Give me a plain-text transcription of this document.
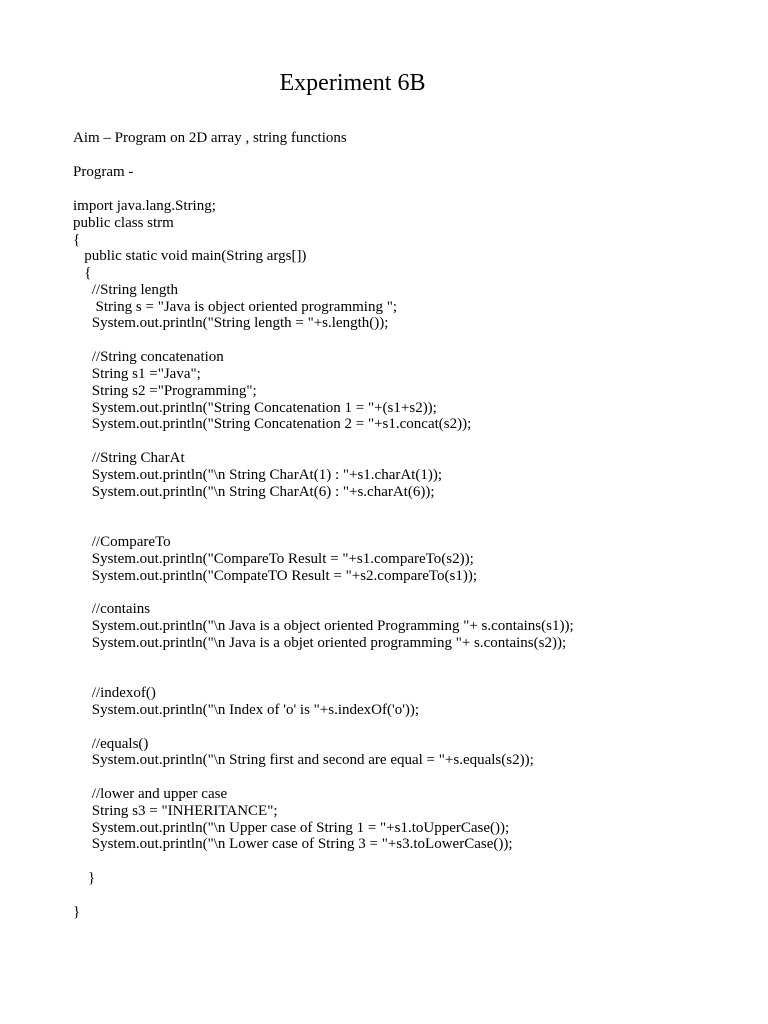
Experiment 6B
Aim – Program on 2D array , string functions
Program -
import java.lang.String;
public class strm
{
public static void main(String args[])
{
//String length
String s = "Java is object oriented programming ";
System.out.println("String length = "+s.length());
//String concatenation
String s1 ="Java";
String s2 ="Programming";
System.out.println("String Concatenation 1 = "+(s1+s2));
System.out.println("String Concatenation 2 = "+s1.concat(s2));
//String CharAt
System.out.println("\n String CharAt(1) : "+s1.charAt(1));
System.out.println("\n String CharAt(6) : "+s.charAt(6));
//CompareTo
System.out.println("CompareTo Result = "+s1.compareTo(s2));
System.out.println("CompateTO Result = "+s2.compareTo(s1));
//contains
System.out.println("\n Java is a object oriented Programming "+ s.contains(s1));
System.out.println("\n Java is a objet oriented programming "+ s.contains(s2));
//indexof()
System.out.println("\n Index of 'o' is "+s.indexOf('o'));
//equals()
System.out.println("\n String first and second are equal = "+s.equals(s2));
//lower and upper case
String s3 = "INHERITANCE";
System.out.println("\n Upper case of String 1 = "+s1.toUpperCase());
System.out.println("\n Lower case of String 3 = "+s3.toLowerCase());
}
}
